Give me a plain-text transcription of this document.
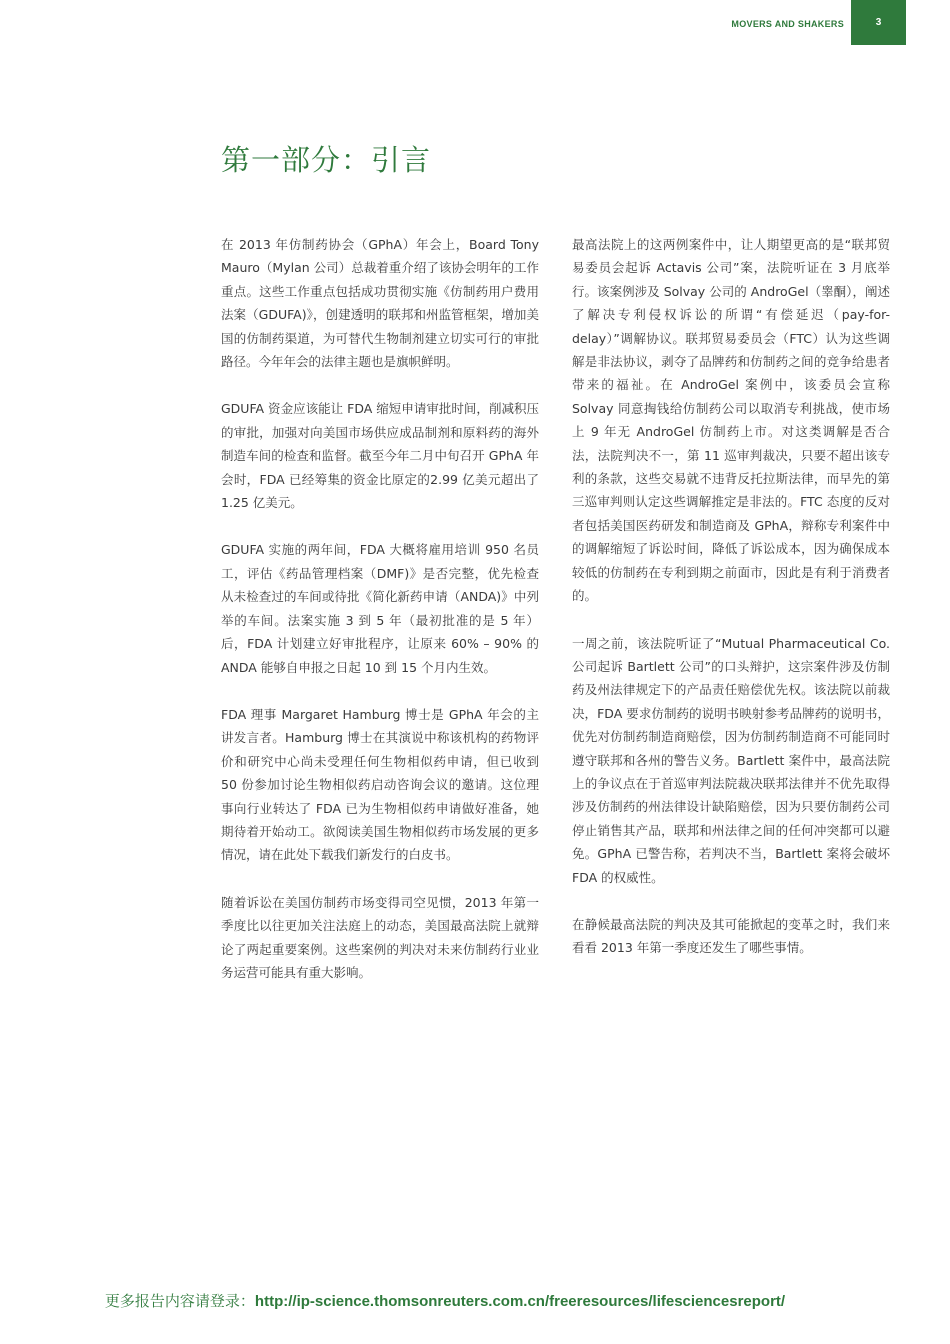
MOVERS AND SHAKERS	3
第一部分：引言

在 2013 年仿制药协会（GPhA）年会上，Board Tony Mauro（Mylan 公司）总裁着重介绍了该协会明年的工作重点。这些工作重点包括成功贯彻实施《仿制药用户费用法案（GDUFA)》，创建透明的联邦和州监管框架，增加美国的仿制药渠道，为可替代生物制剂建立切实可行的审批路径。今年年会的法律主题也是旗帜鲜明。

GDUFA 资金应该能让 FDA 缩短申请审批时间，削减积压的审批，加强对向美国市场供应成品制剂和原料药的海外制造车间的检查和监督。截至今年二月中旬召开 GPhA 年会时，FDA 已经筹集的资金比原定的2.99 亿美元超出了 1.25 亿美元。

GDUFA 实施的两年间，FDA 大概将雇用培训 950 名员工，评估《药品管理档案（DMF)》是否完整，优先检查从未检查过的车间或待批《简化新药申请（ANDA)》中列举的车间。法案实施 3 到 5 年（最初批准的是 5 年）后，FDA 计划建立好审批程序，让原来 60% – 90% 的 ANDA 能够自申报之日起 10 到 15 个月内生效。

FDA 理事 Margaret Hamburg 博士是 GPhA 年会的主讲发言者。Hamburg 博士在其演说中称该机构的药物评价和研究中心尚未受理任何生物相似药申请，但已收到 50 份参加讨论生物相似药启动咨询会议的邀请。这位理事向行业转达了 FDA 已为生物相似药申请做好准备，她期待着开始动工。欲阅读美国生物相似药市场发展的更多情况，请在此处下载我们新发行的白皮书。

随着诉讼在美国仿制药市场变得司空见惯，2013 年第一季度比以往更加关注法庭上的动态，美国最高法院上就辩论了两起重要案例。这些案例的判决对未来仿制药行业业务运营可能具有重大影响。

最高法院上的这两例案件中，让人期望更高的是“联邦贸易委员会起诉 Actavis 公司”案，法院听证在 3 月底举行。该案例涉及 Solvay 公司的 AndroGel（睾酮），阐述了解决专利侵权诉讼的所谓“有偿延迟（pay-for-delay）”调解协议。联邦贸易委员会（FTC）认为这些调解是非法协议，剥夺了品牌药和仿制药之间的竞争给患者带来的福祉。在 AndroGel 案例中，该委员会宣称 Solvay 同意掏钱给仿制药公司以取消专利挑战，使市场上 9 年无 AndroGel 仿制药上市。对这类调解是否合法，法院判决不一，第 11 巡审判裁决，只要不超出该专利的条款，这些交易就不违背反托拉斯法律，而早先的第三巡审判则认定这些调解推定是非法的。FTC 态度的反对者包括美国医药研发和制造商及 GPhA，辩称专利案件中的调解缩短了诉讼时间，降低了诉讼成本，因为确保成本较低的仿制药在专利到期之前面市，因此是有利于消费者的。

一周之前，该法院听证了“Mutual Pharmaceutical Co. 公司起诉 Bartlett 公司”的口头辩护，这宗案件涉及仿制药及州法律规定下的产品责任赔偿优先权。该法院以前裁决，FDA 要求仿制药的说明书映射参考品牌药的说明书，优先对仿制药制造商赔偿，因为仿制药制造商不可能同时遵守联邦和各州的警告义务。Bartlett 案件中，最高法院上的争议点在于首巡审判法院裁决联邦法律并不优先取得涉及仿制药的州法律设计缺陷赔偿，因为只要仿制药公司停止销售其产品，联邦和州法律之间的任何冲突都可以避免。GPhA 已警告称，若判决不当，Bartlett 案将会破坏 FDA 的权威性。

在静候最高法院的判决及其可能掀起的变革之时，我们来看看 2013 年第一季度还发生了哪些事情。

更多报告内容请登录：http://ip-science.thomsonreuters.com.cn/freeresources/lifesciencesreport/
